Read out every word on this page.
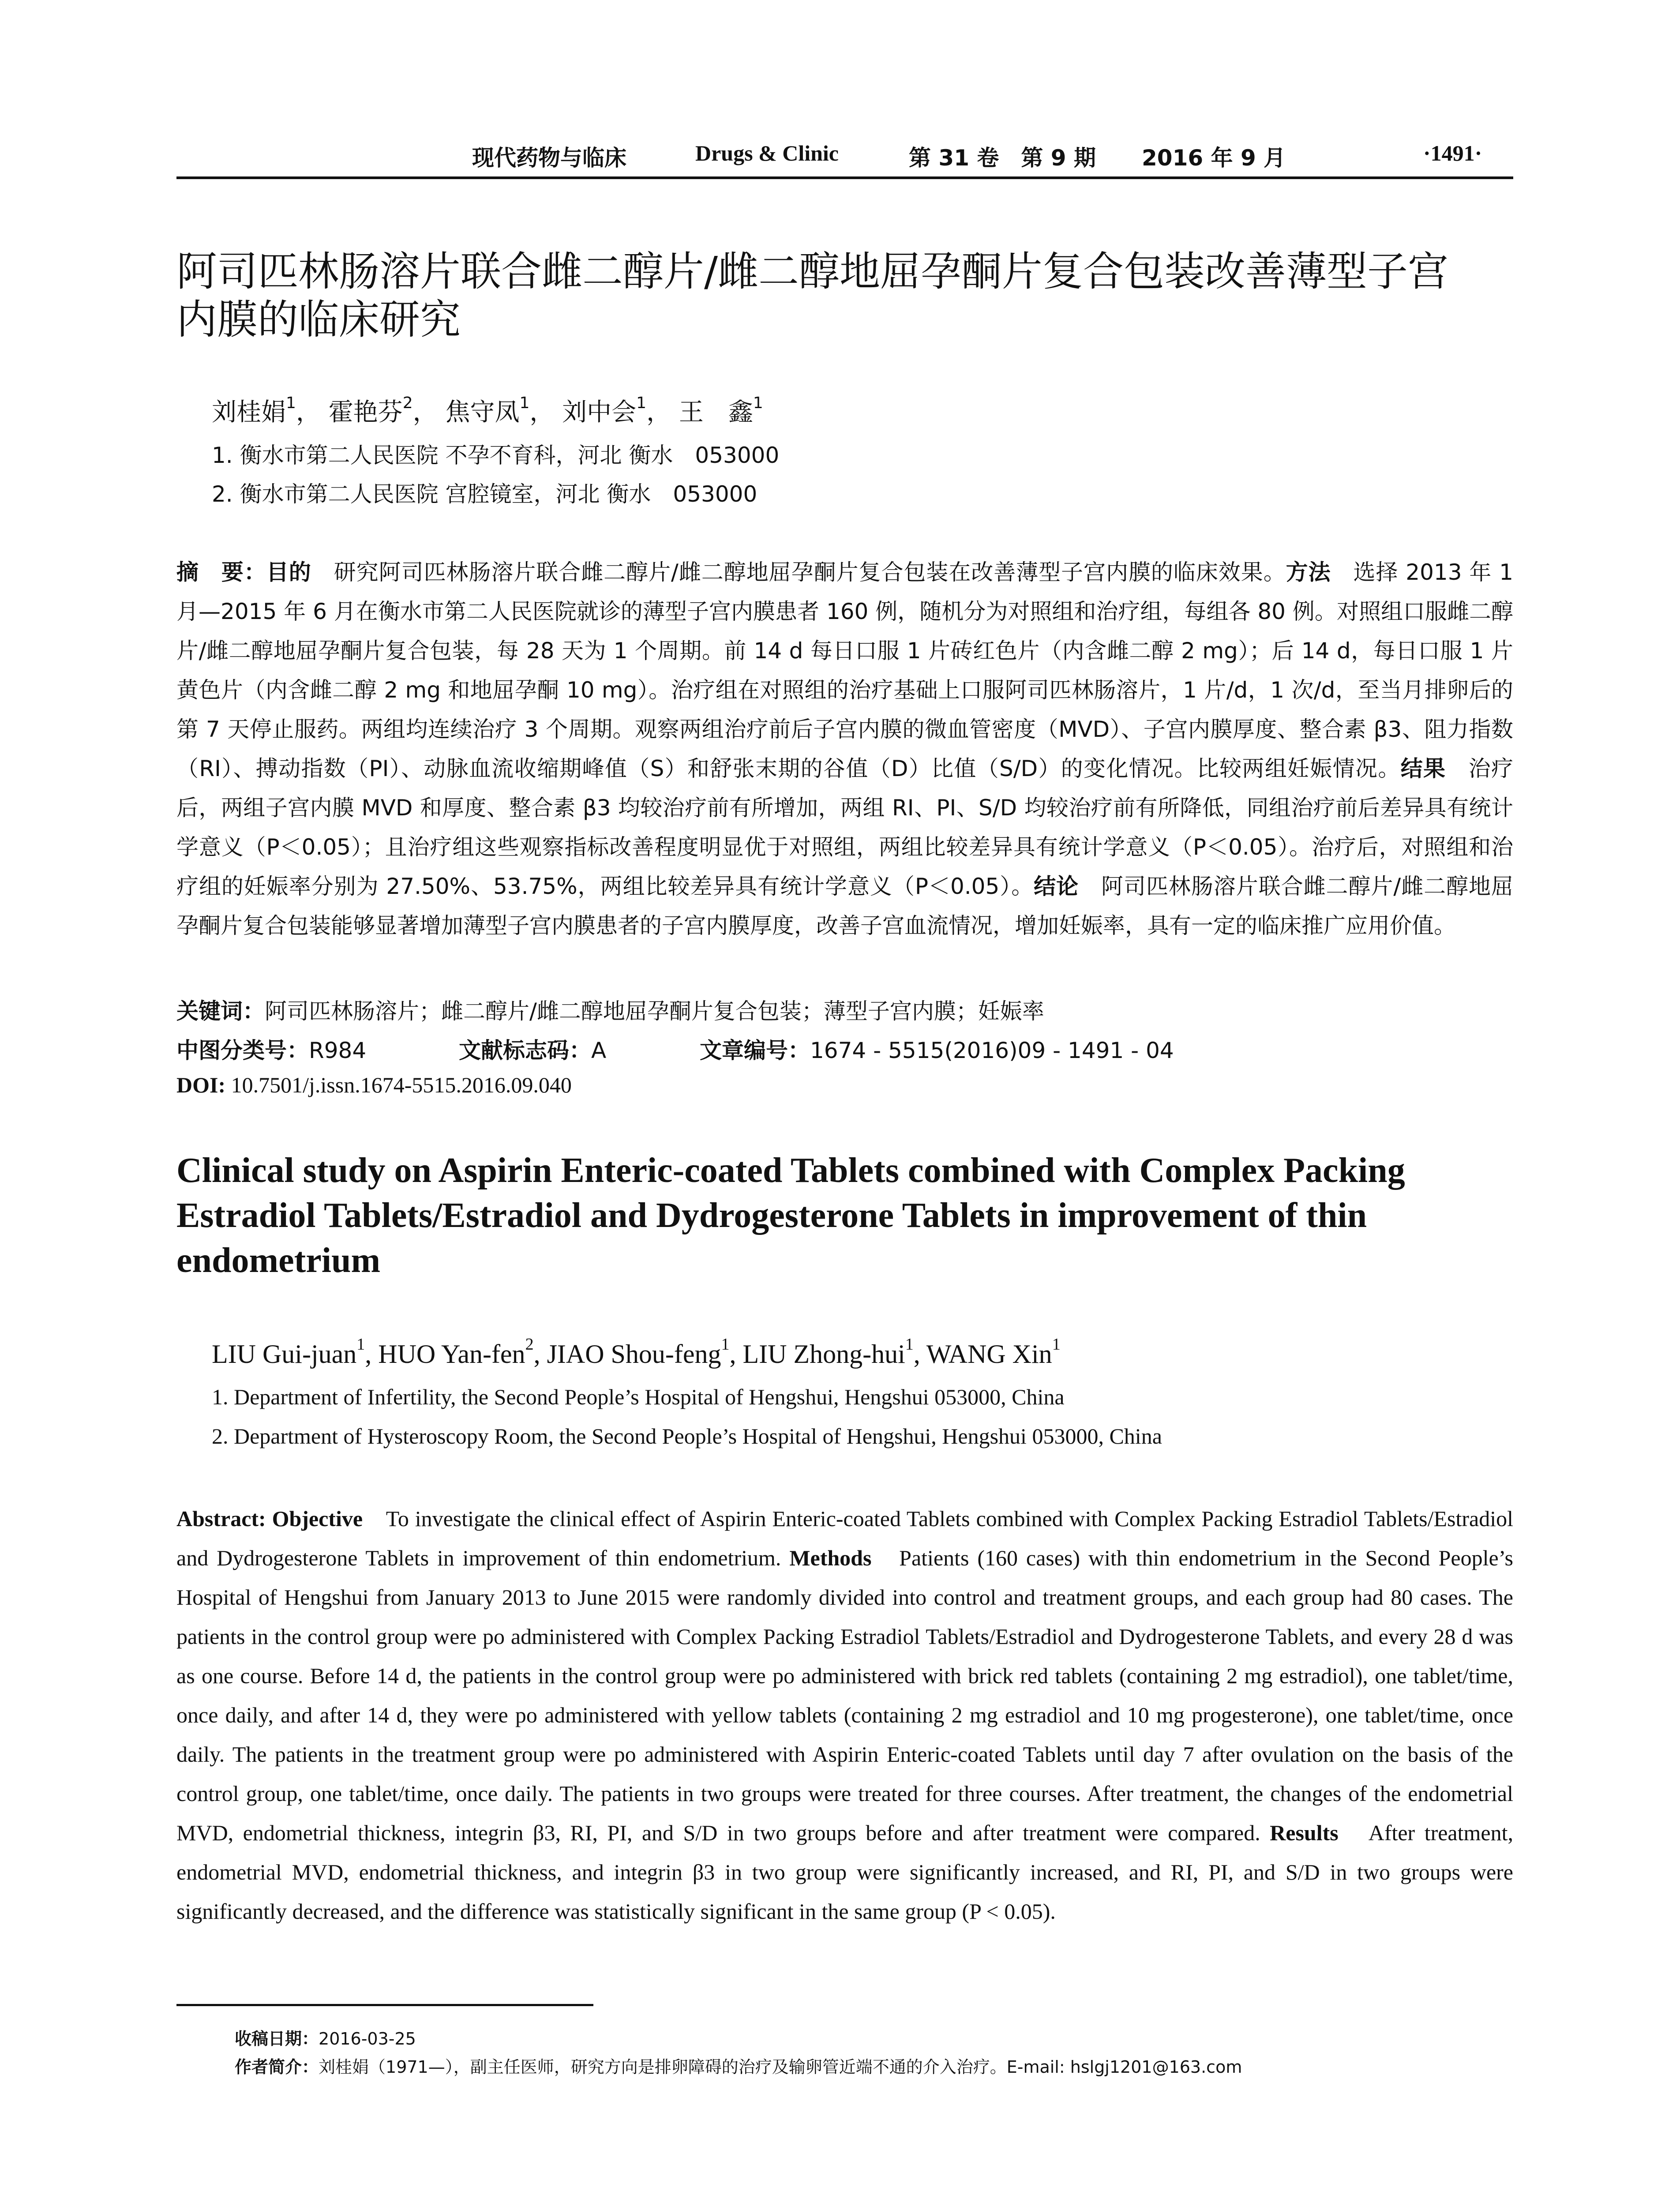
现代药物与临床	Drugs & Clinic	第 31 卷　第 9 期 2016 年 9 月	·1491·
阿司匹林肠溶片联合雌二醇片/雌二醇地屈孕酮片复合包装改善薄型子宫
内膜的临床研究
刘桂娟$^1$， 霍艳芬$^2$， 焦守凤$^1$， 刘中会$^1$， 王　鑫$^1$
1. 衡水市第二人民医院 不孕不育科，河北 衡水　053000
2. 衡水市第二人民医院 宫腔镜室，河北 衡水　053000
摘　要：目的　研究阿司匹林肠溶片联合雌二醇片/雌二醇地屈孕酮片复合包装在改善薄型子宫内膜的临床效果。方法　选择 2013 年 1 月—2015 年 6 月在衡水市第二人民医院就诊的薄型子宫内膜患者 160 例，随机分为对照组和治疗组，每组各 80 例。对照组口服雌二醇片/雌二醇地屈孕酮片复合包装，每 28 天为 1 个周期。前 14 d 每日口服 1 片砖红色片（内含雌二醇 2 mg）；后 14 d，每日口服 1 片黄色片（内含雌二醇 2 mg 和地屈孕酮 10 mg）。治疗组在对照组的治疗基础上口服阿司匹林肠溶片，1 片/d，1 次/d，至当月排卵后的第 7 天停止服药。两组均连续治疗 3 个周期。观察两组治疗前后子宫内膜的微血管密度（MVD）、子宫内膜厚度、整合素 β3、阻力指数（RI）、搏动指数（PI）、动脉血流收缩期峰值（S）和舒张末期的谷值（D）比值（S/D）的变化情况。比较两组妊娠情况。结果　治疗后，两组子宫内膜 MVD 和厚度、整合素 β3 均较治疗前有所增加，两组 RI、PI、S/D 均较治疗前有所降低，同组治疗前后差异具有统计学意义（P＜0.05）；且治疗组这些观察指标改善程度明显优于对照组，两组比较差异具有统计学意义（P＜0.05）。治疗后，对照组和治疗组的妊娠率分别为 27.50%、53.75%，两组比较差异具有统计学意义（P＜0.05）。结论　阿司匹林肠溶片联合雌二醇片/雌二醇地屈孕酮片复合包装能够显著增加薄型子宫内膜患者的子宫内膜厚度，改善子宫血流情况，增加妊娠率，具有一定的临床推广应用价值。
关键词：阿司匹林肠溶片；雌二醇片/雌二醇地屈孕酮片复合包装；薄型子宫内膜；妊娠率
中图分类号：R984	文献标志码：A	文章编号：1674 - 5515(2016)09 - 1491 - 04
DOI: 10.7501/j.issn.1674-5515.2016.09.040
Clinical study on Aspirin Enteric-coated Tablets combined with Complex Packing Estradiol Tablets/Estradiol and Dydrogesterone Tablets in improvement of thin endometrium
LIU Gui-juan$^1$, HUO Yan-fen$^2$, JIAO Shou-feng$^1$, LIU Zhong-hui$^1$, WANG Xin$^1$
1. Department of Infertility, the Second People’s Hospital of Hengshui, Hengshui 053000, China
2. Department of Hysteroscopy Room, the Second People’s Hospital of Hengshui, Hengshui 053000, China
Abstract: Objective　To investigate the clinical effect of Aspirin Enteric-coated Tablets combined with Complex Packing Estradiol Tablets/Estradiol and Dydrogesterone Tablets in improvement of thin endometrium. Methods　Patients (160 cases) with thin endometrium in the Second People’s Hospital of Hengshui from January 2013 to June 2015 were randomly divided into control and treatment groups, and each group had 80 cases. The patients in the control group were po administered with Complex Packing Estradiol Tablets/Estradiol and Dydrogesterone Tablets, and every 28 d was as one course. Before 14 d, the patients in the control group were po administered with brick red tablets (containing 2 mg estradiol), one tablet/time, once daily, and after 14 d, they were po administered with yellow tablets (containing 2 mg estradiol and 10 mg progesterone), one tablet/time, once daily. The patients in the treatment group were po administered with Aspirin Enteric-coated Tablets until day 7 after ovulation on the basis of the control group, one tablet/time, once daily. The patients in two groups were treated for three courses. After treatment, the changes of the endometrial MVD, endometrial thickness, integrin β3, RI, PI, and S/D in two groups before and after treatment were compared. Results　After treatment, endometrial MVD, endometrial thickness, and integrin β3 in two group were significantly increased, and RI, PI, and S/D in two groups were significantly decreased, and the difference was statistically significant in the same group (P < 0.05).
收稿日期：2016-03-25
作者简介：刘桂娟（1971—），副主任医师，研究方向是排卵障碍的治疗及输卵管近端不通的介入治疗。E-mail: hslgj1201@163.com
